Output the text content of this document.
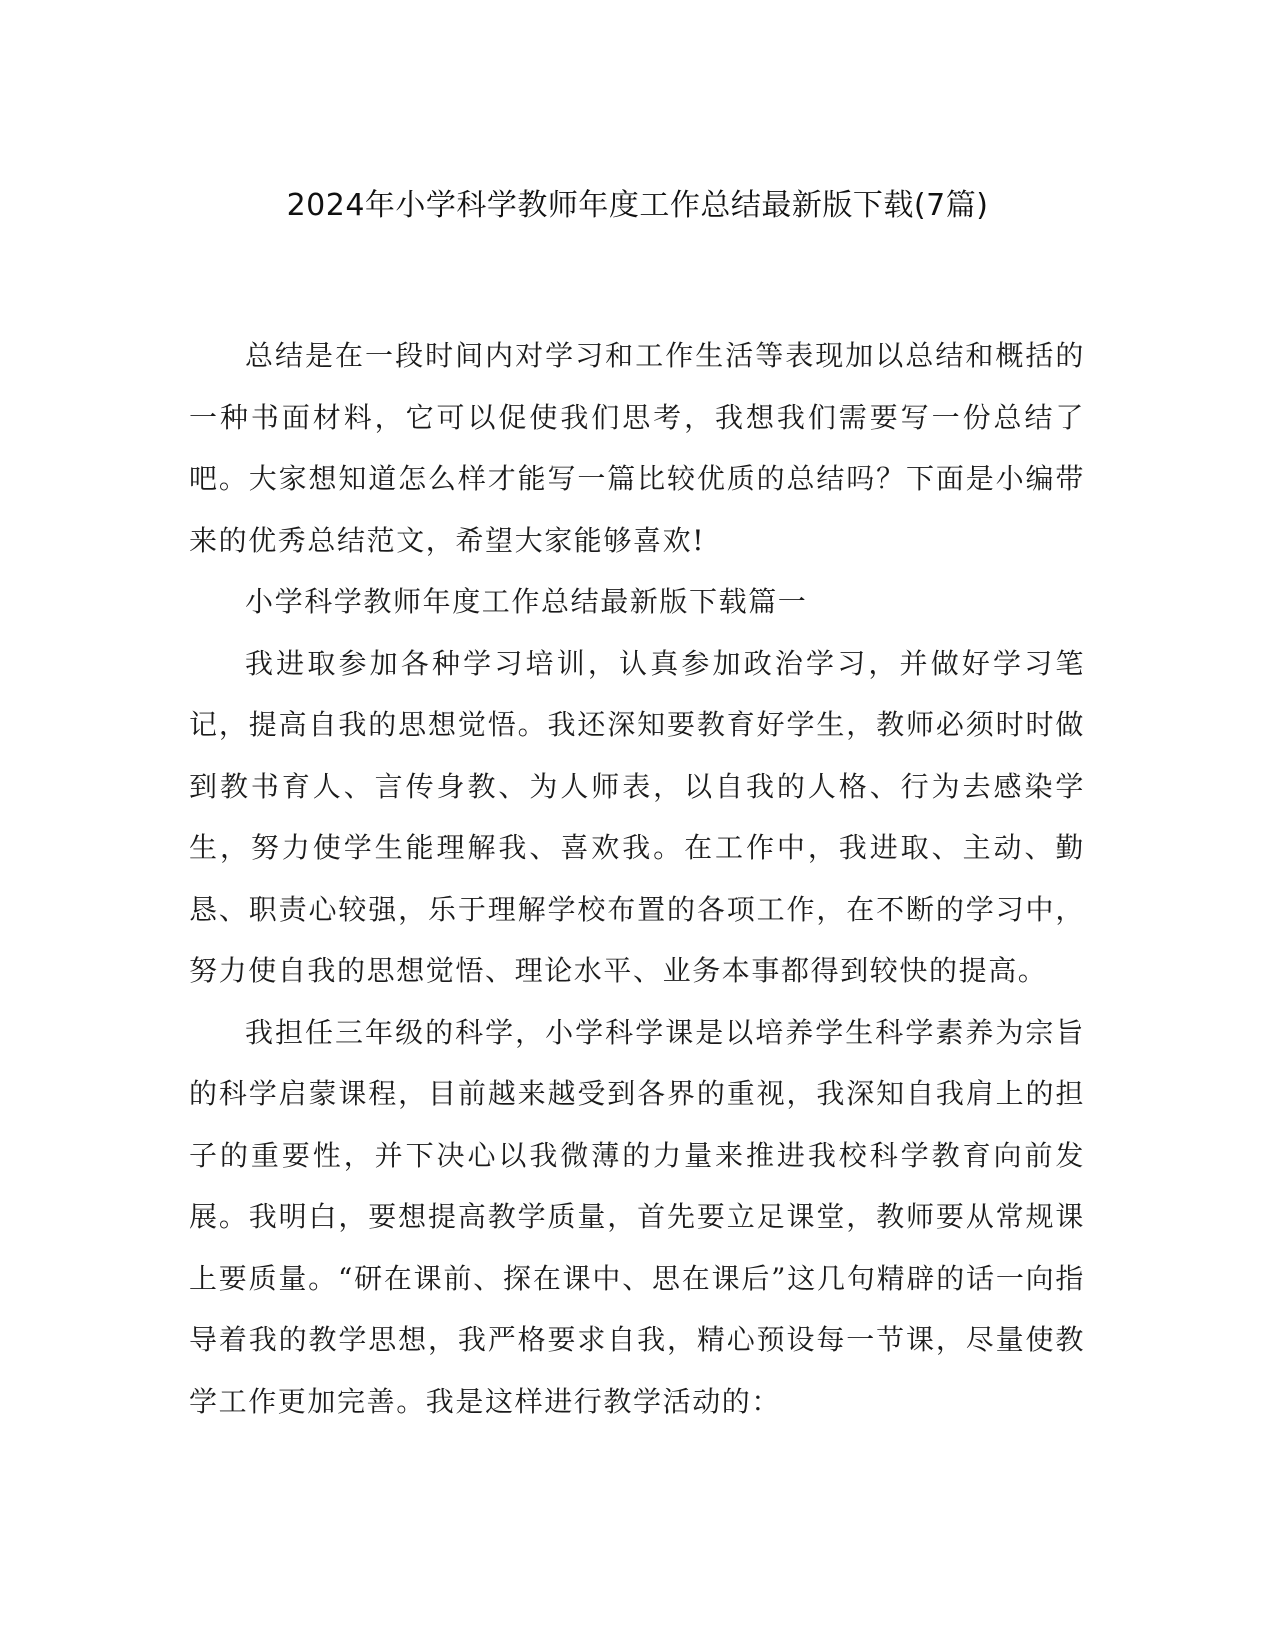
2024年小学科学教师年度工作总结最新版下载(7篇)

总结是在一段时间内对学习和工作生活等表现加以总结和概括的一种书面材料，它可以促使我们思考，我想我们需要写一份总结了吧。大家想知道怎么样才能写一篇比较优质的总结吗？下面是小编带来的优秀总结范文，希望大家能够喜欢!

小学科学教师年度工作总结最新版下载篇一

我进取参加各种学习培训，认真参加政治学习，并做好学习笔记，提高自我的思想觉悟。我还深知要教育好学生，教师必须时时做到教书育人、言传身教、为人师表，以自我的人格、行为去感染学生，努力使学生能理解我、喜欢我。在工作中，我进取、主动、勤恳、职责心较强，乐于理解学校布置的各项工作，在不断的学习中，努力使自我的思想觉悟、理论水平、业务本事都得到较快的提高。

我担任三年级的科学，小学科学课是以培养学生科学素养为宗旨的科学启蒙课程，目前越来越受到各界的重视，我深知自我肩上的担子的重要性，并下决心以我微薄的力量来推进我校科学教育向前发展。我明白，要想提高教学质量，首先要立足课堂，教师要从常规课上要质量。“研在课前、探在课中、思在课后”这几句精辟的话一向指导着我的教学思想，我严格要求自我，精心预设每一节课，尽量使教学工作更加完善。我是这样进行教学活动的：
